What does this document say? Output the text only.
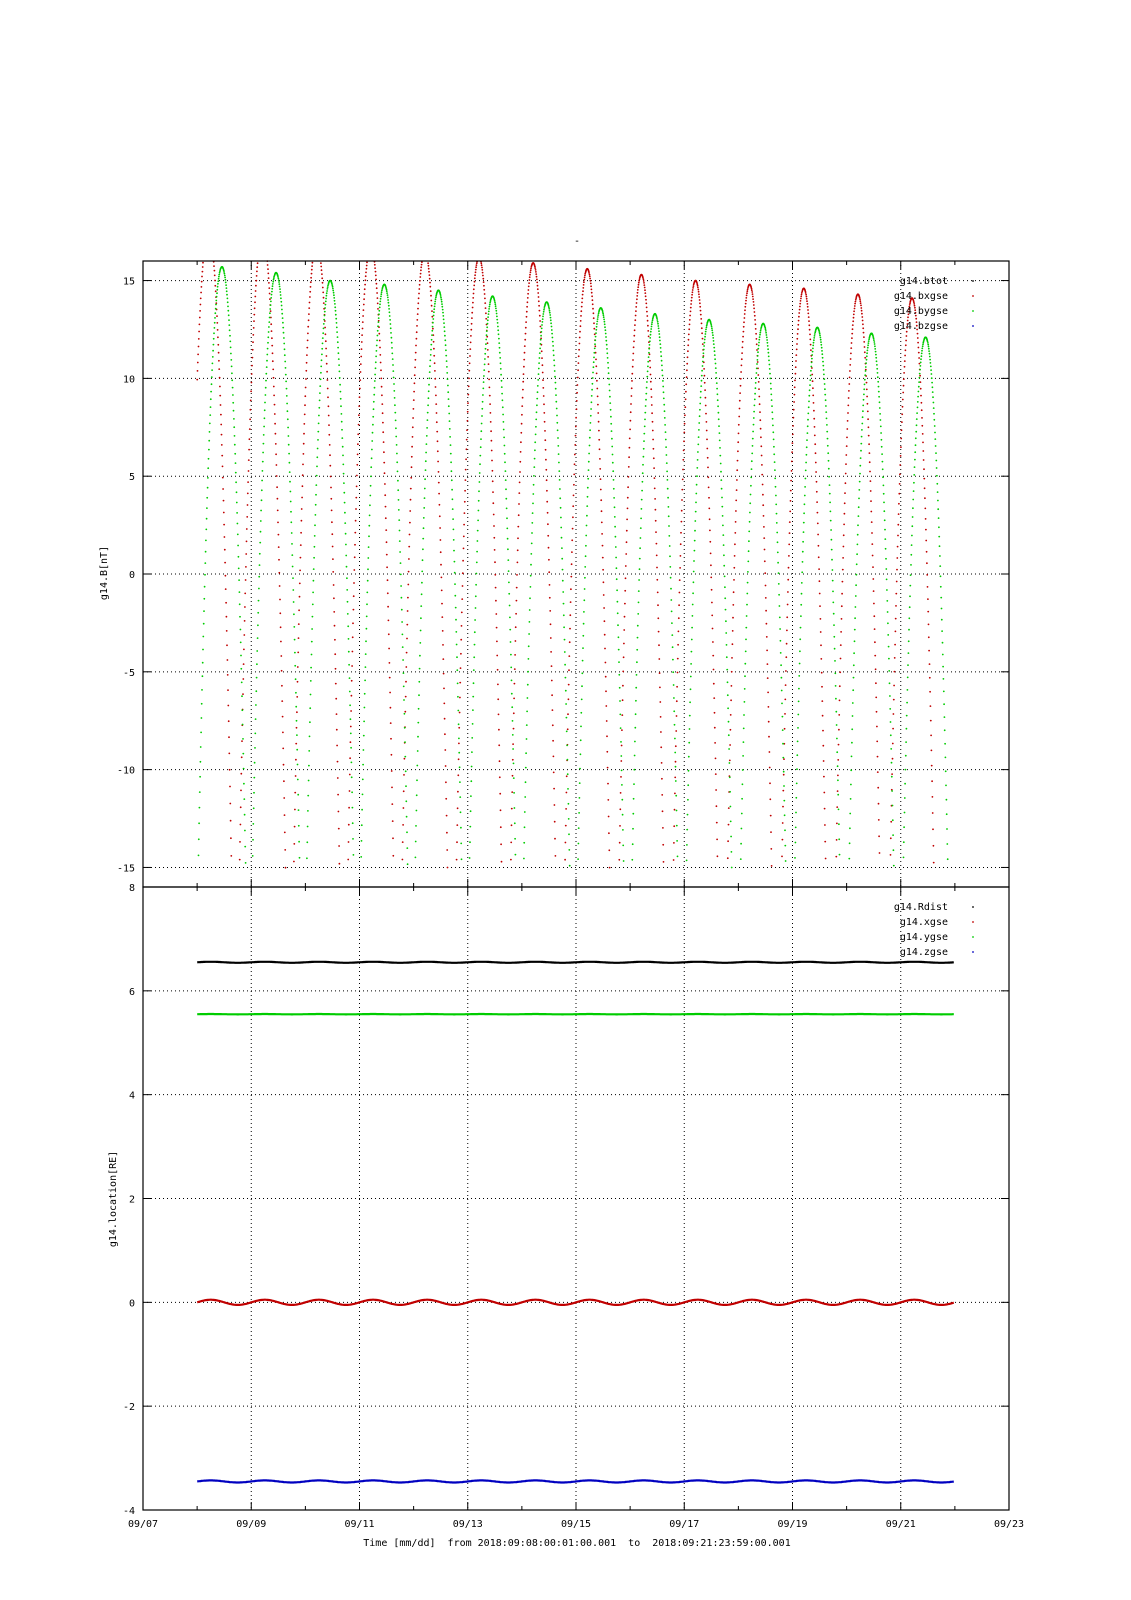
-
-15
-10
-5
0
5
10
15
g14.B[nT]
g14.btot
g14.bxgse
g14.bygse
g14.bzgse
-4
-2
0
2
4
6
8
09/07	09/09	09/11	09/13	09/15	09/17	09/19	09/21	09/23
g14.location[RE]
g14.Rdist
g14.xgse
g14.ygse
g14.zgse
Time [mm/dd]  from 2018:09:08:00:01:00.001  to  2018:09:21:23:59:00.001
